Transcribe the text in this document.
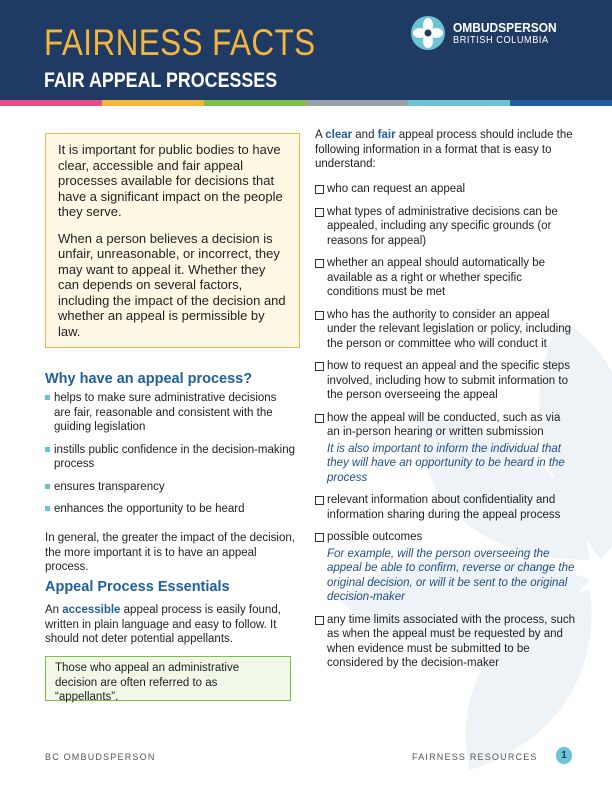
FAIRNESS FACTS
FAIR APPEAL PROCESSES
OMBUDSPERSON
BRITISH COLUMBIA

It is important for public bodies to have clear, accessible and fair appeal processes available for decisions that have a significant impact on the people they serve.

When a person believes a decision is unfair, unreasonable, or incorrect, they may want to appeal it. Whether they can depends on several factors, including the impact of the decision and whether an appeal is permissible by law.

Why have an appeal process?
helps to make sure administrative decisions are fair, reasonable and consistent with the guiding legislation
instills public confidence in the decision-making process
ensures transparency
enhances the opportunity to be heard
In general, the greater the impact of the decision, the more important it is to have an appeal process.
Appeal Process Essentials
An accessible appeal process is easily found, written in plain language and easy to follow. It should not deter potential appellants.
Those who appeal an administrative decision are often referred to as “appellants”.
A clear and fair appeal process should include the following information in a format that is easy to understand:
who can request an appeal
what types of administrative decisions can be appealed, including any specific grounds (or reasons for appeal)
whether an appeal should automatically be available as a right or whether specific conditions must be met
who has the authority to consider an appeal under the relevant legislation or policy, including the person or committee who will conduct it
how to request an appeal and the specific steps involved, including how to submit information to the person overseeing the appeal
how the appeal will be conducted, such as via an in-person hearing or written submission
It is also important to inform the individual that they will have an opportunity to be heard in the process
relevant information about confidentiality and information sharing during the appeal process
possible outcomes
For example, will the person overseeing the appeal be able to confirm, reverse or change the original decision, or will it be sent to the original decision-maker
any time limits associated with the process, such as when the appeal must be requested by and when evidence must be submitted to be considered by the decision-maker
BC OMBUDSPERSON	FAIRNESS RESOURCES	1
